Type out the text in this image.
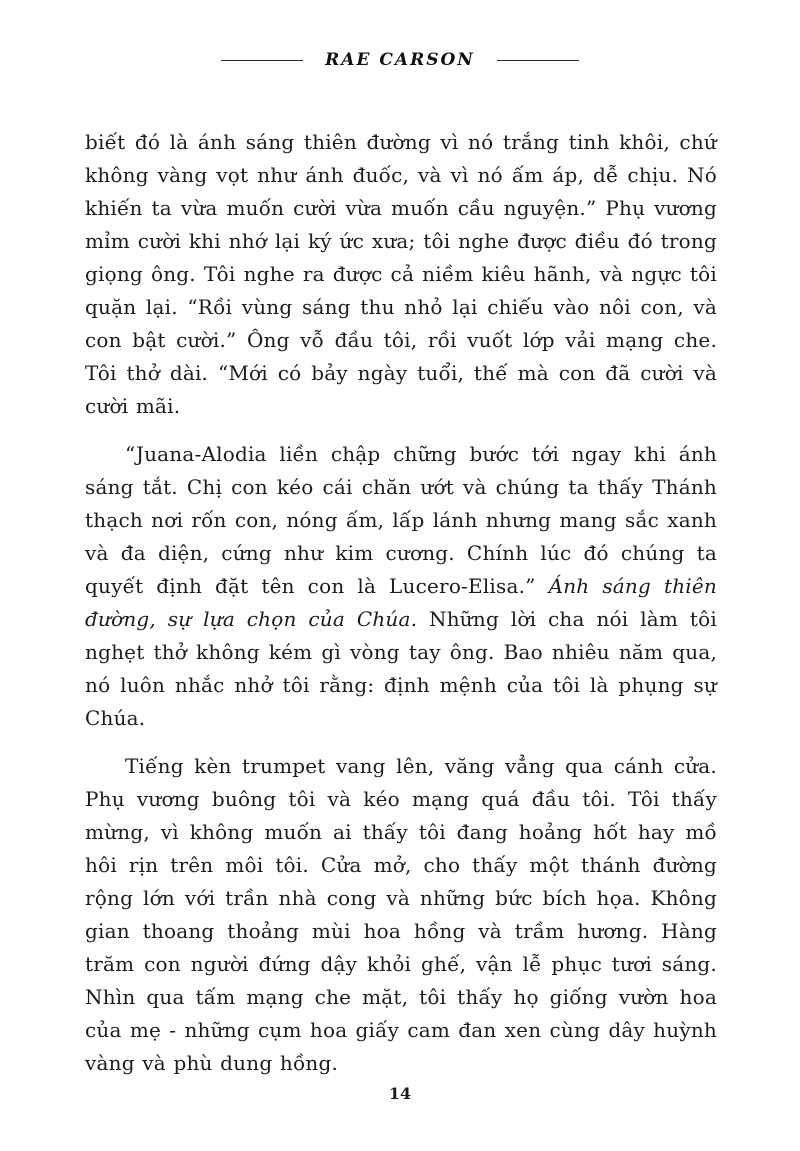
RAE CARSON

biết đó là ánh sáng thiên đường vì nó trắng tinh khôi, chứ không vàng vọt như ánh đuốc, và vì nó ấm áp, dễ chịu. Nó khiến ta vừa muốn cười vừa muốn cầu nguyện.” Phụ vương mỉm cười khi nhớ lại ký ức xưa; tôi nghe được điều đó trong giọng ông. Tôi nghe ra được cả niềm kiêu hãnh, và ngực tôi quặn lại. “Rồi vùng sáng thu nhỏ lại chiếu vào nôi con, và con bật cười.” Ông vỗ đầu tôi, rồi vuốt lớp vải mạng che. Tôi thở dài. “Mới có bảy ngày tuổi, thế mà con đã cười và cười mãi.

“Juana-Alodia liền chập chững bước tới ngay khi ánh sáng tắt. Chị con kéo cái chăn ướt và chúng ta thấy Thánh thạch nơi rốn con, nóng ấm, lấp lánh nhưng mang sắc xanh và đa diện, cứng như kim cương. Chính lúc đó chúng ta quyết định đặt tên con là Lucero-Elisa.” Ánh sáng thiên đường, sự lựa chọn của Chúa. Những lời cha nói làm tôi nghẹt thở không kém gì vòng tay ông. Bao nhiêu năm qua, nó luôn nhắc nhở tôi rằng: định mệnh của tôi là phụng sự Chúa.

Tiếng kèn trumpet vang lên, văng vẳng qua cánh cửa. Phụ vương buông tôi và kéo mạng quá đầu tôi. Tôi thấy mừng, vì không muốn ai thấy tôi đang hoảng hốt hay mồ hôi rịn trên môi tôi. Cửa mở, cho thấy một thánh đường rộng lớn với trần nhà cong và những bức bích họa. Không gian thoang thoảng mùi hoa hồng và trầm hương. Hàng trăm con người đứng dậy khỏi ghế, vận lễ phục tươi sáng. Nhìn qua tấm mạng che mặt, tôi thấy họ giống vườn hoa của mẹ - những cụm hoa giấy cam đan xen cùng dây huỳnh vàng và phù dung hồng.

14
